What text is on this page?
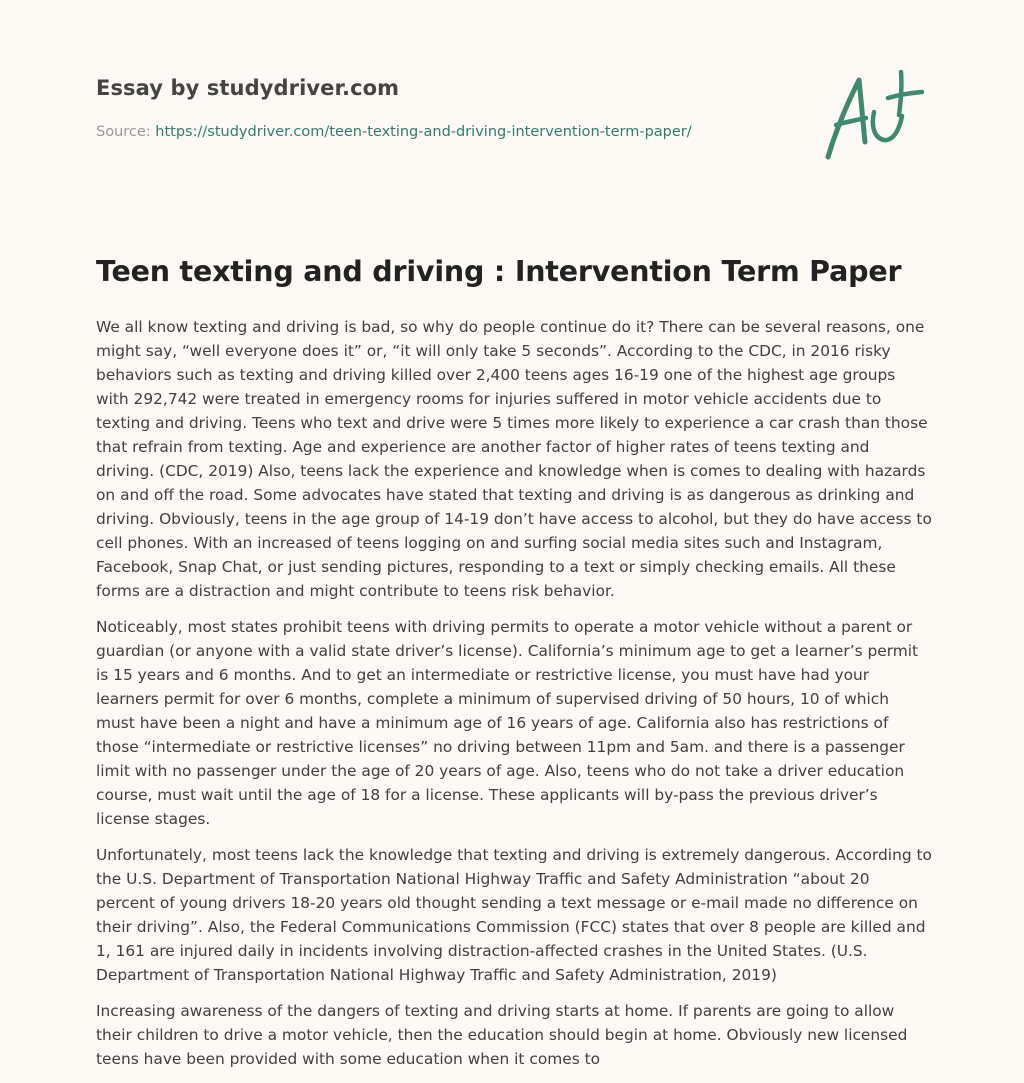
Essay by studydriver.com

Source: https://studydriver.com/teen-texting-and-driving-intervention-term-paper/

Teen texting and driving : Intervention Term Paper

We all know texting and driving is bad, so why do people continue do it? There can be several reasons, one might say, “well everyone does it” or, “it will only take 5 seconds”. According to the CDC, in 2016 risky behaviors such as texting and driving killed over 2,400 teens ages 16-19 one of the highest age groups with 292,742 were treated in emergency rooms for injuries suffered in motor vehicle accidents due to texting and driving. Teens who text and drive were 5 times more likely to experience a car crash than those that refrain from texting. Age and experience are another factor of higher rates of teens texting and driving. (CDC, 2019) Also, teens lack the experience and knowledge when is comes to dealing with hazards on and off the road. Some advocates have stated that texting and driving is as dangerous as drinking and driving. Obviously, teens in the age group of 14-19 don’t have access to alcohol, but they do have access to cell phones. With an increased of teens logging on and surfing social media sites such and Instagram, Facebook, Snap Chat, or just sending pictures, responding to a text or simply checking emails. All these forms are a distraction and might contribute to teens risk behavior.

Noticeably, most states prohibit teens with driving permits to operate a motor vehicle without a parent or guardian (or anyone with a valid state driver’s license). California’s minimum age to get a learner’s permit is 15 years and 6 months. And to get an intermediate or restrictive license, you must have had your learners permit for over 6 months, complete a minimum of supervised driving of 50 hours, 10 of which must have been a night and have a minimum age of 16 years of age. California also has restrictions of those “intermediate or restrictive licenses” no driving between 11pm and 5am. and there is a passenger limit with no passenger under the age of 20 years of age. Also, teens who do not take a driver education course, must wait until the age of 18 for a license. These applicants will by-pass the previous driver’s license stages.

Unfortunately, most teens lack the knowledge that texting and driving is extremely dangerous. According to the U.S. Department of Transportation National Highway Traffic and Safety Administration “about 20 percent of young drivers 18-20 years old thought sending a text message or e-mail made no difference on their driving”. Also, the Federal Communications Commission (FCC) states that over 8 people are killed and 1, 161 are injured daily in incidents involving distraction-affected crashes in the United States. (U.S. Department of Transportation National Highway Traffic and Safety Administration, 2019)

Increasing awareness of the dangers of texting and driving starts at home. If parents are going to allow their children to drive a motor vehicle, then the education should begin at home. Obviously new licensed teens have been provided with some education when it comes to
